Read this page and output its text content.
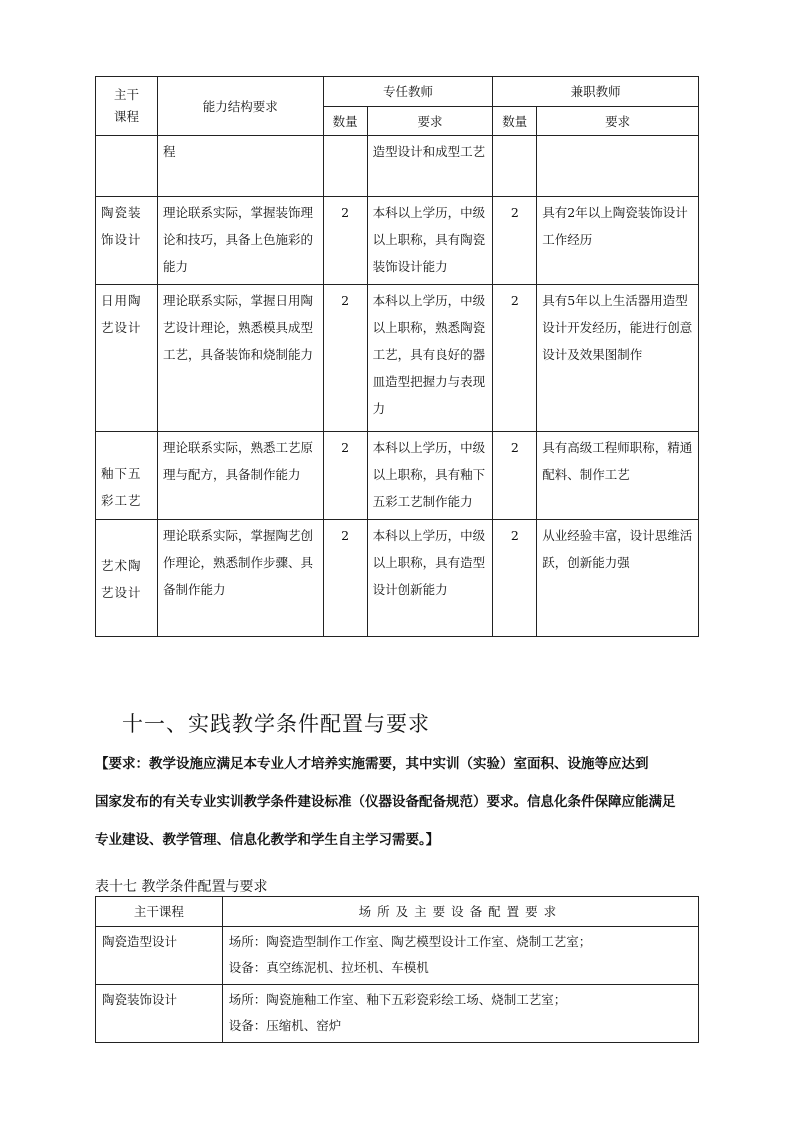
主干课程	能力结构要求	专任教师		兼职教师	
		数量	要求	数量	要求
	程		造型设计和成型工艺		
陶瓷装饰设计	理论联系实际，掌握装饰理论和技巧，具备上色施彩的能力	2	本科以上学历，中级以上职称，具有陶瓷装饰设计能力	2	具有2年以上陶瓷装饰设计工作经历
日用陶艺设计	理论联系实际，掌握日用陶艺设计理论，熟悉模具成型工艺，具备装饰和烧制能力	2	本科以上学历，中级以上职称，熟悉陶瓷工艺，具有良好的器皿造型把握力与表现力	2	具有5年以上生活器用造型设计开发经历，能进行创意设计及效果图制作
釉下五彩工艺	理论联系实际，熟悉工艺原理与配方，具备制作能力	2	本科以上学历，中级以上职称，具有釉下五彩工艺制作能力	2	具有高级工程师职称，精通配料、制作工艺
艺术陶艺设计	理论联系实际，掌握陶艺创作理论，熟悉制作步骤、具备制作能力	2	本科以上学历，中级以上职称，具有造型设计创新能力	2	从业经验丰富，设计思维活跃，创新能力强
十一、实践教学条件配置与要求
【要求：教学设施应满足本专业人才培养实施需要，其中实训（实验）室面积、设施等应达到
国家发布的有关专业实训教学条件建设标准（仪器设备配备规范）要求。信息化条件保障应能满足
专业建设、教学管理、信息化教学和学生自主学习需要。】
表十七 教学条件配置与要求
主干课程	场所及主要设备配置要求
陶瓷造型设计	场所：陶瓷造型制作工作室、陶艺模型设计工作室、烧制工艺室；
设备：真空练泥机、拉坯机、车模机

陶瓷装饰设计	场所：陶瓷施釉工作室、釉下五彩瓷彩绘工场、烧制工艺室；
设备：压缩机、窑炉
